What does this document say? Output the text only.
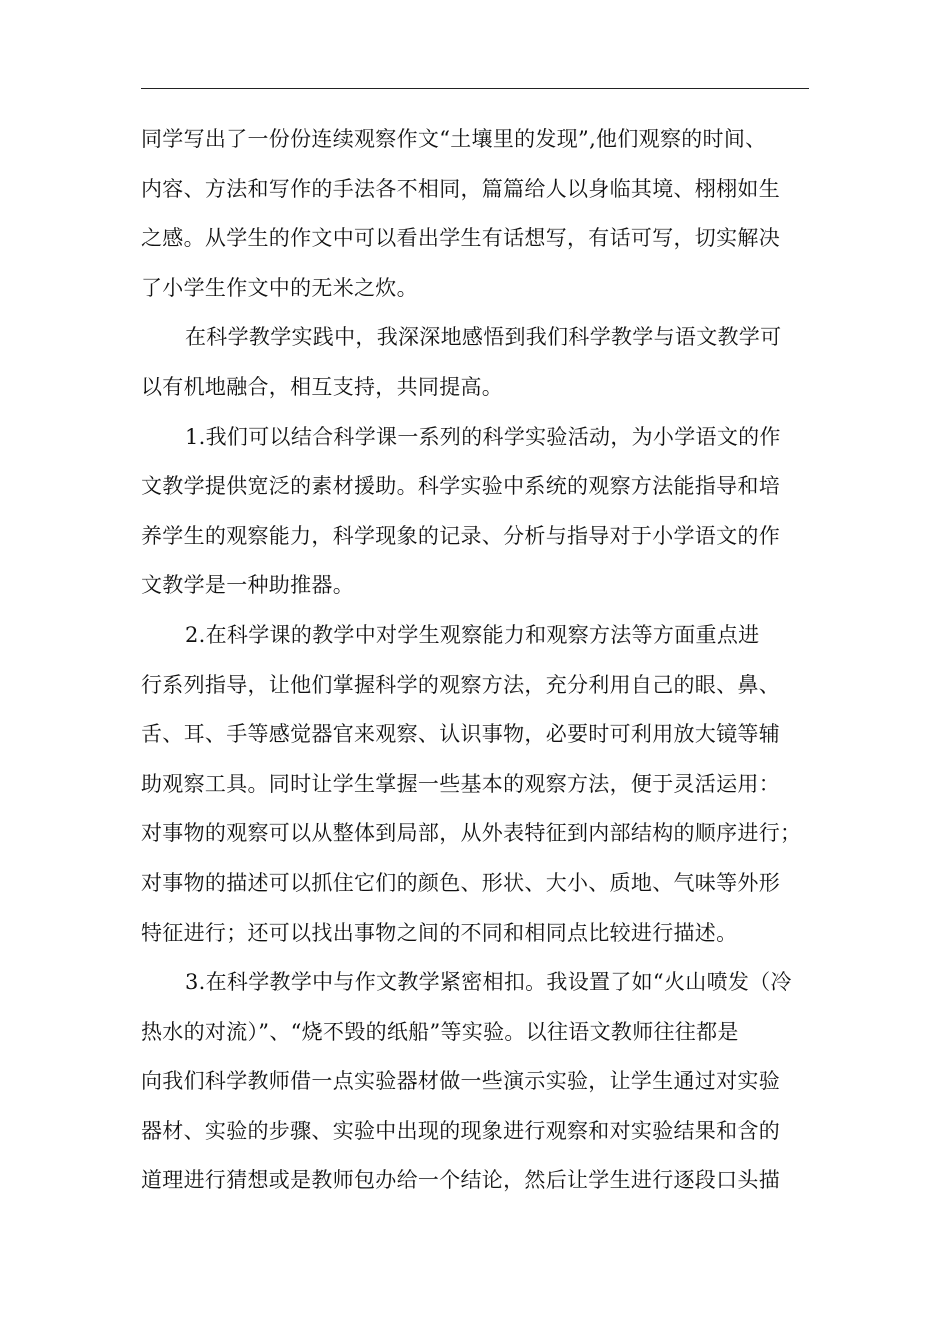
同学写出了一份份连续观察作文“土壤里的发现”,他们观察的时间、
内容、方法和写作的手法各不相同，篇篇给人以身临其境、栩栩如生
之感。从学生的作文中可以看出学生有话想写，有话可写，切实解决
了小学生作文中的无米之炊。
在科学教学实践中，我深深地感悟到我们科学教学与语文教学可
以有机地融合，相互支持，共同提高。
1.我们可以结合科学课一系列的科学实验活动，为小学语文的作
文教学提供宽泛的素材援助。科学实验中系统的观察方法能指导和培
养学生的观察能力，科学现象的记录、分析与指导对于小学语文的作
文教学是一种助推器。
2.在科学课的教学中对学生观察能力和观察方法等方面重点进
行系列指导，让他们掌握科学的观察方法，充分利用自己的眼、鼻、
舌、耳、手等感觉器官来观察、认识事物，必要时可利用放大镜等辅
助观察工具。同时让学生掌握一些基本的观察方法，便于灵活运用：
对事物的观察可以从整体到局部，从外表特征到内部结构的顺序进行；
对事物的描述可以抓住它们的颜色、形状、大小、质地、气味等外形
特征进行；还可以找出事物之间的不同和相同点比较进行描述。
3.在科学教学中与作文教学紧密相扣。我设置了如“火山喷发（冷
热水的对流）”、“烧不毁的纸船”等实验。以往语文教师往往都是
向我们科学教师借一点实验器材做一些演示实验，让学生通过对实验
器材、实验的步骤、实验中出现的现象进行观察和对实验结果和含的
道理进行猜想或是教师包办给一个结论，然后让学生进行逐段口头描
